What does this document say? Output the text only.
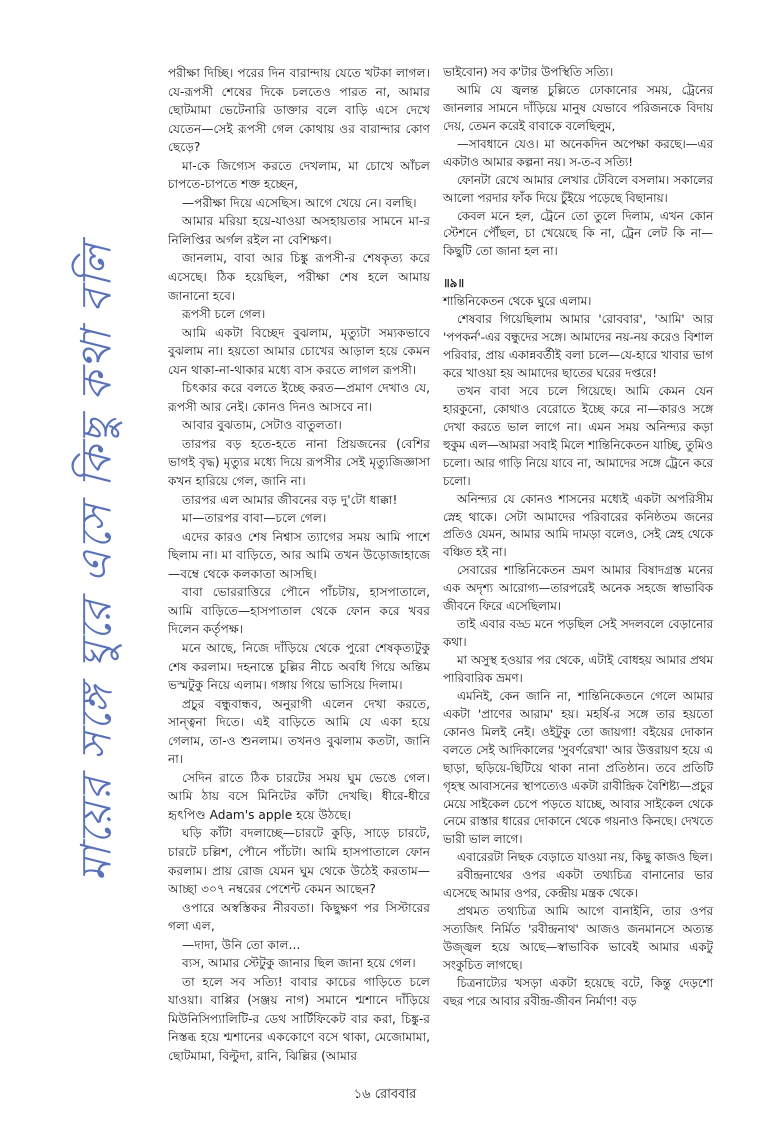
মায়ের সঙ্গে ঘুরে এসে কিছু কথা বলি

পরীক্ষা দিচ্ছি। পরের দিন বারান্দায় যেতে খটকা লাগল। যে-রূপসী শেষের দিকে চলতেও পারত না, আমার ছোটমামা ভেটেনারি ডাক্তার বলে বাড়ি এসে দেখে যেতেন—সেই রূপসী গেল কোথায় ওর বারান্দার কোণ ছেড়ে?

মা-কে জিগ্যেস করতে দেখলাম, মা চোখে আঁচল চাপতে-চাপতে শক্ত হচ্ছেন,

—পরীক্ষা দিয়ে এসেছিস। আগে খেয়ে নে। বলছি।

আমার মরিয়া হয়ে-যাওয়া অসহায়তার সামনে মা-র নিলিপ্তির অর্গল রইল না বেশিক্ষণ।

জানলাম, বাবা আর চিঙ্কু রূপসী-র শেষকৃত্য করে এসেছে। ঠিক হয়েছিল, পরীক্ষা শেষ হলে আমায় জানানো হবে।

রূপসী চলে গেল।

আমি একটা বিচ্ছেদ বুঝলাম, মৃত্যুটা সম্যকভাবে বুঝলাম না। হয়তো আমার চোখের আড়াল হয়ে কেমন যেন থাকা-না-থাকার মধ্যে বাস করতে লাগল রূপসী।

চিৎকার করে বলতে ইচ্ছে করত—প্রমাণ দেখাও যে, রূপসী আর নেই। কোনও দিনও আসবে না।

আবার বুঝতাম, সেটাও বাতুলতা।

তারপর বড় হতে-হতে নানা প্রিয়জনের (বেশির ভাগই বৃদ্ধ) মৃত্যুর মধ্যে দিয়ে রূপসীর সেই মৃত্যুজিজ্ঞাসা কখন হারিয়ে গেল, জানি না।

তারপর এল আমার জীবনের বড় দু'টো ধাক্কা!

মা—তারপর বাবা—চলে গেল।

এদের কারও শেষ নিশ্বাস ত্যাগের সময় আমি পাশে ছিলাম না। মা বাড়িতে, আর আমি তখন উড়োজাহাজে—বম্বে থেকে কলকাতা আসছি।

বাবা ভোররাত্তিরে পৌনে পাঁচটায়, হাসপাতালে, আমি বাড়িতে—হাসপাতাল থেকে ফোন করে খবর দিলেন কর্তৃপক্ষ।

মনে আছে, নিজে দাঁড়িয়ে থেকে পুরো শেষকৃত্যটুকু শেষ করলাম। দহনান্তে চুল্লির নীচে অবধি গিয়ে অন্তিম ভস্মটুকু নিয়ে এলাম। গঙ্গায় গিয়ে ভাসিয়ে দিলাম।

প্রচুর বন্ধুবান্ধব, অনুরাগী এলেন দেখা করতে, সান্ত্বনা দিতে। এই বাড়িতে আমি যে একা হয়ে গেলাম, তা-ও শুনলাম। তখনও বুঝলাম কতটা, জানি না।

সেদিন রাতে ঠিক চারটের সময় ঘুম ভেঙে গেল। আমি ঠায় বসে মিনিটের কাঁটা দেখছি। ধীরে-ধীরে হৃৎপিণ্ড Adam's apple হয়ে উঠছে।

ঘড়ি কাঁটা বদলাচ্ছে—চারটে কুড়ি, সাড়ে চারটে, চারটে চল্লিশ, পৌনে পাঁচটা। আমি হাসপাতালে ফোন করলাম। প্রায় রোজ যেমন ঘুম থেকে উঠেই করতাম—আচ্ছা ৩০৭ নম্বরের পেশেন্ট কেমন আছেন?

ওপারে অস্বস্তিকর নীরবতা। কিছুক্ষণ পর সিস্টারের গলা এল,

—দাদা, উনি তো কাল...

ব্যস, আমার স্টেটুকু জানার ছিল জানা হয়ে গেল।

তা হলে সব সত্যি! বাবার কাচের গাড়িতে চলে যাওয়া। বাপ্পির (সঞ্জয় নাগ) সমানে শ্মশানে দাঁড়িয়ে মিউনিসিপ্যালিটি-র ডেথ সার্টিফিকেট বার করা, চিঙ্কু-র নিস্তব্ধ হয়ে শ্মশানের এককোণে বসে থাকা, মেজোমামা, ছোটমামা, বিল্টুদা, রানি, ঝিল্লির (আমার

ভাইবোন) সব ক'টার উপস্থিতি সত্যি।

আমি যে জ্বলন্ত চুল্লিতে ঢোকানোর সময়, ট্রেনের জানলার সামনে দাঁড়িয়ে মানুষ যেভাবে পরিজনকে বিদায় দেয়, তেমন করেই বাবাকে বলেছিলুম,

—সাবধানে যেও। মা অনেকদিন অপেক্ষা করছে।—এর একটাও আমার কল্পনা নয়। স-ত-ব সত্যি!

ফোনটা রেখে আমার লেখার টেবিলে বসলাম। সকালের আলো পরদার ফাঁক দিয়ে চুঁইয়ে পড়েছে বিছানায়।

কেবল মনে হল, ট্রেনে তো তুলে দিলাম, এখন কোন স্টেশনে পৌঁছল, চা খেয়েছে কি না, ট্রেন লেট কি না—কিছুটি তো জানা হল না।

॥৯॥

শান্তিনিকেতন থেকে ঘুরে এলাম।

শেষবার গিয়েছিলাম আমার 'রোববার', 'আমি' আর 'পপকর্ন'-এর বন্ধুদের সঙ্গে। আমাদের নয়-নয় করেও বিশাল পরিবার, প্রায় একান্নবর্তীই বলা চলে—যে-হারে খাবার ভাগ করে খাওয়া হয় আমাদের ছাতের ঘরের দপ্তরে!

তখন বাবা সবে চলে গিয়েছে। আমি কেমন যেন হারকুনো, কোথাও বেরোতে ইচ্ছে করে না—কারও সঙ্গে দেখা করতে ভাল লাগে না। এমন সময় অনিন্দ্যর কড়া হুকুম এল—আমরা সবাই মিলে শান্তিনিকেতন যাচ্ছি, তুমিও চলো। আর গাড়ি নিয়ে যাবে না, আমাদের সঙ্গে ট্রেনে করে চলো।

অনিন্দ্যর যে কোনও শাসনের মধ্যেই একটা অপরিসীম স্নেহ থাকে। সেটা আমাদের পরিবারের কনিষ্ঠতম জনের প্রতিও যেমন, আমার আমি দামড়া বলেও, সেই স্নেহ থেকে বঞ্চিত হই না।

সেবারের শান্তিনিকেতন ভ্রমণ আমার বিষাদগ্রস্ত মনের এক অদৃশ্য আরোগ্য—তারপরেই অনেক সহজে স্বাভাবিক জীবনে ফিরে এসেছিলাম।

তাই এবার বড্ড মনে পড়ছিল সেই সদলবলে বেড়ানোর কথা।

মা অসুস্থ হওয়ার পর থেকে, এটাই বোধহয় আমার প্রথম পারিবারিক ভ্রমণ।

এমনিই, কেন জানি না, শান্তিনিকেতনে গেলে আমার একটা 'প্রাণের আরাম' হয়। মহর্ষি-র সঙ্গে তার হয়তো কোনও মিলই নেই। ওইটুকু তো জায়গা! বইয়ের দোকান বলতে সেই আদিকালের 'সুবর্ণরেখা' আর উত্তরায়ণ হয়ে এ ছাড়া, ছড়িয়ে-ছিটিয়ে থাকা নানা প্রতিষ্ঠান। তবে প্রতিটি গৃহস্থ আবাসনের স্থাপত্যেও একটা রাবীন্দ্রিক বৈশিষ্ট্য—প্রচুর মেয়ে সাইকেল চেপে পড়তে যাচ্ছে, আবার সাইকেল থেকে নেমে রাস্তার ধারের দোকানে থেকে গয়নাও কিনছে। দেখতে ভারী ভাল লাগে।

এবারেরটা নিছক বেড়াতে যাওয়া নয়, কিছু কাজও ছিল।

রবীন্দ্রনাথের ওপর একটা তথ্যচিত্র বানানোর ভার এসেছে আমার ওপর, কেন্দ্রীয় মন্ত্রক থেকে।

প্রথমত তথ্যচিত্র আমি আগে বানাইনি, তার ওপর সত্যজিৎ নির্মিত 'রবীন্দ্রনাথ' আজও জনমানসে অত্যন্ত উজ্জ্বল হয়ে আছে—স্বাভাবিক ভাবেই আমার একটু সংকুচিত লাগছে।

চিত্রনাট্যের খসড়া একটা হয়েছে বটে, কিন্তু দেড়শো বছর পরে আবার রবীন্দ্র-জীবন নির্মাণ! বড়

১৬ রোববার
